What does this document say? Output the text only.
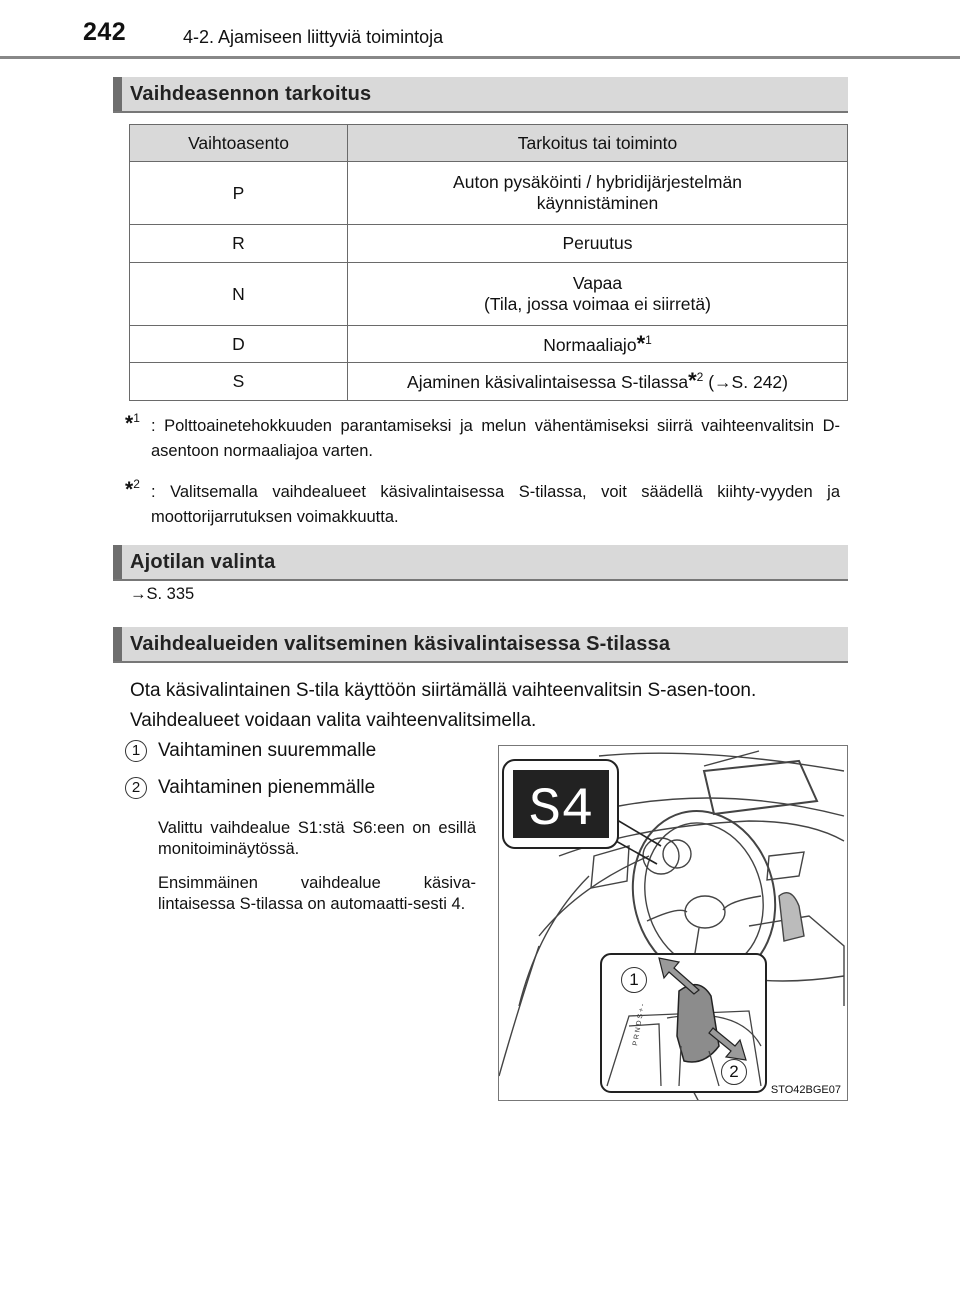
242	4-2. Ajamiseen liittyviä toimintoja
Vaihdeasennon tarkoitus
Vaihtoasento	Tarkoitus tai toiminto
P	Auton pysäköinti / hybridijärjestelmän
käynnistäminen

R	Peruutus
N	Vapaa
(Tila, jossa voimaa ei siirretä)

D	Normaaliajo*$^1$
S	Ajaminen käsivalintaisessa S-tilassa*$^2$ (→S. 242)
*$^1$ : Polttoainetehokkuuden parantamiseksi ja melun vähentämiseksi siirrä vaihteenvalitsin D-asentoon normaaliajoa varten.
*$^2$ : Valitsemalla vaihdealueet käsivalintaisessa S-tilassa, voit säädellä kiihty-vyyden ja moottorijarrutuksen voimakkuutta.
Ajotilan valinta
→S. 335
Vaihdealueiden valitseminen käsivalintaisessa S-tilassa
Ota käsivalintainen S-tila käyttöön siirtämällä vaihteenvalitsin S-asen-toon. Vaihdealueet voidaan valita vaihteenvalitsimella.
1 Vaihtaminen suuremmalle
2 Vaihtaminen pienemmälle
Valittu vaihdealue S1:stä S6:een on esillä monitoiminäytössä.
Ensimmäinen vaihdealue käsiva-lintaisessa S-tilassa on automaatti-sesti 4.
S4
P R N D S + -
1
2
STO42BGE07
